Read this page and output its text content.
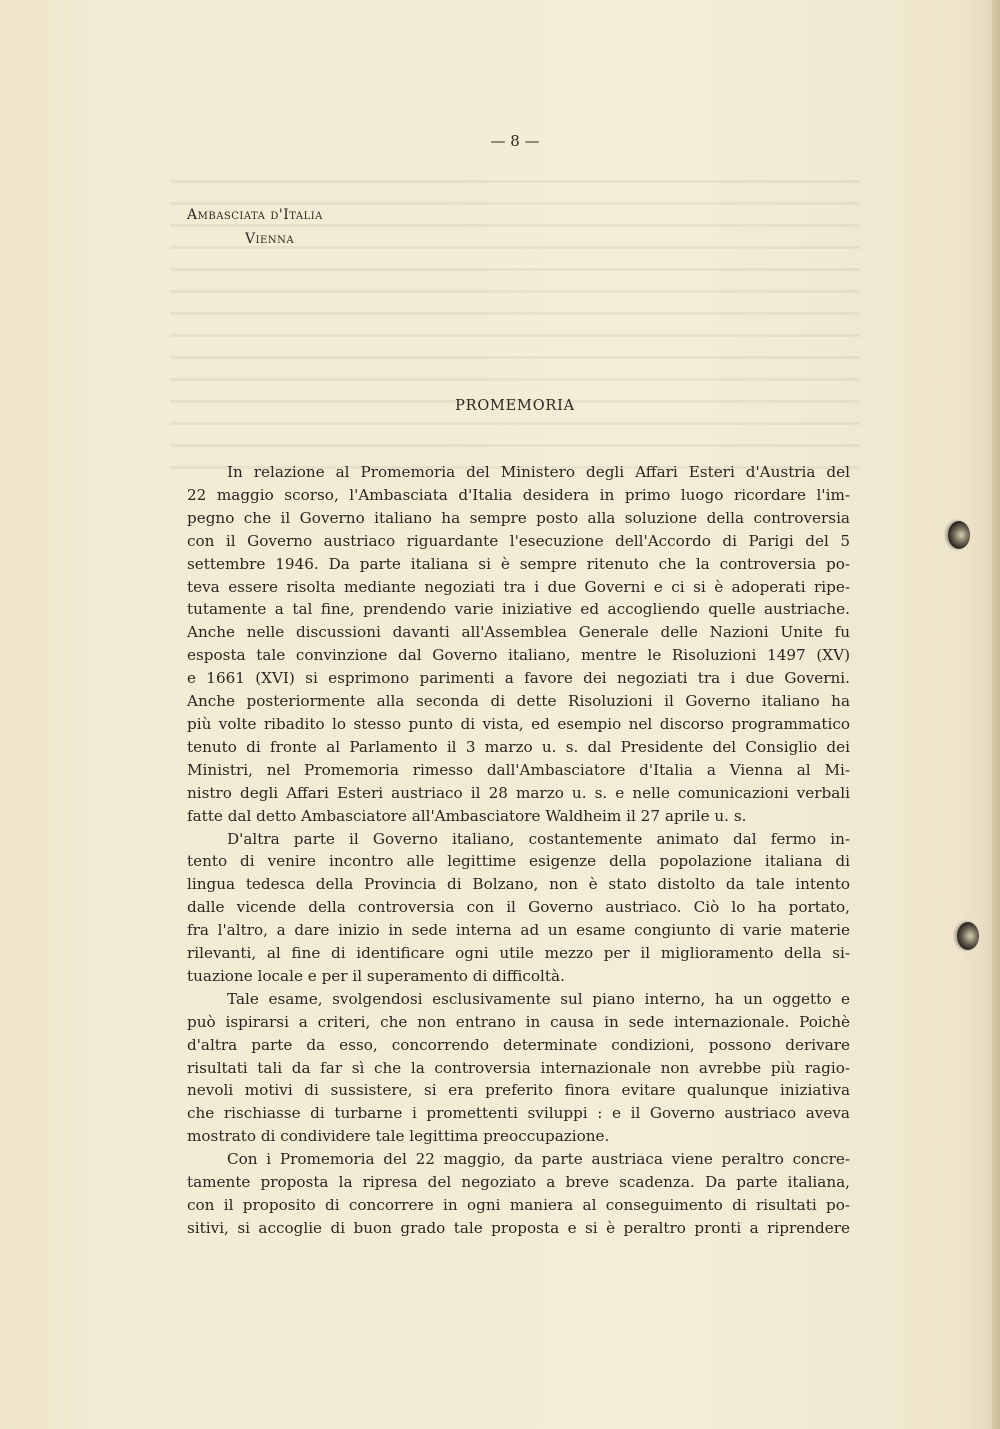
— 8 —
Ambasciata d'Italia
Vienna
PROMEMORIA
In relazione al Promemoria del Ministero degli Affari Esteri d'Austria del
22 maggio scorso, l'Ambasciata d'Italia desidera in primo luogo ricordare l'im-
pegno che il Governo italiano ha sempre posto alla soluzione della controversia
con il Governo austriaco riguardante l'esecuzione dell'Accordo di Parigi del 5
settembre 1946. Da parte italiana si è sempre ritenuto che la controversia po-
teva essere risolta mediante negoziati tra i due Governi e ci si è adoperati ripe-
tutamente a tal fine, prendendo varie iniziative ed accogliendo quelle austriache.
Anche nelle discussioni davanti all'Assemblea Generale delle Nazioni Unite fu
esposta tale convinzione dal Governo italiano, mentre le Risoluzioni 1497 (XV)
e 1661 (XVI) si esprimono parimenti a favore dei negoziati tra i due Governi.
Anche posteriormente alla seconda di dette Risoluzioni il Governo italiano ha
più volte ribadito lo stesso punto di vista, ed esempio nel discorso programmatico
tenuto di fronte al Parlamento il 3 marzo u. s. dal Presidente del Consiglio dei
Ministri, nel Promemoria rimesso dall'Ambasciatore d'Italia a Vienna al Mi-
nistro degli Affari Esteri austriaco il 28 marzo u. s. e nelle comunicazioni verbali
fatte dal detto Ambasciatore all'Ambasciatore Waldheim il 27 aprile u. s.
D'altra parte il Governo italiano, costantemente animato dal fermo in-
tento di venire incontro alle legittime esigenze della popolazione italiana di
lingua tedesca della Provincia di Bolzano, non è stato distolto da tale intento
dalle vicende della controversia con il Governo austriaco. Ciò lo ha portato,
fra l'altro, a dare inizio in sede interna ad un esame congiunto di varie materie
rilevanti, al fine di identificare ogni utile mezzo per il miglioramento della si-
tuazione locale e per il superamento di difficoltà.
Tale esame, svolgendosi esclusivamente sul piano interno, ha un oggetto e
può ispirarsi a criteri, che non entrano in causa in sede internazionale. Poichè
d'altra parte da esso, concorrendo determinate condizioni, possono derivare
risultati tali da far sì che la controversia internazionale non avrebbe più ragio-
nevoli motivi di sussistere, si era preferito finora evitare qualunque iniziativa
che rischiasse di turbarne i promettenti sviluppi : e il Governo austriaco aveva
mostrato di condividere tale legittima preoccupazione.
Con i Promemoria del 22 maggio, da parte austriaca viene peraltro concre-
tamente proposta la ripresa del negoziato a breve scadenza. Da parte italiana,
con il proposito di concorrere in ogni maniera al conseguimento di risultati po-
sitivi, si accoglie di buon grado tale proposta e si è peraltro pronti a riprendere
